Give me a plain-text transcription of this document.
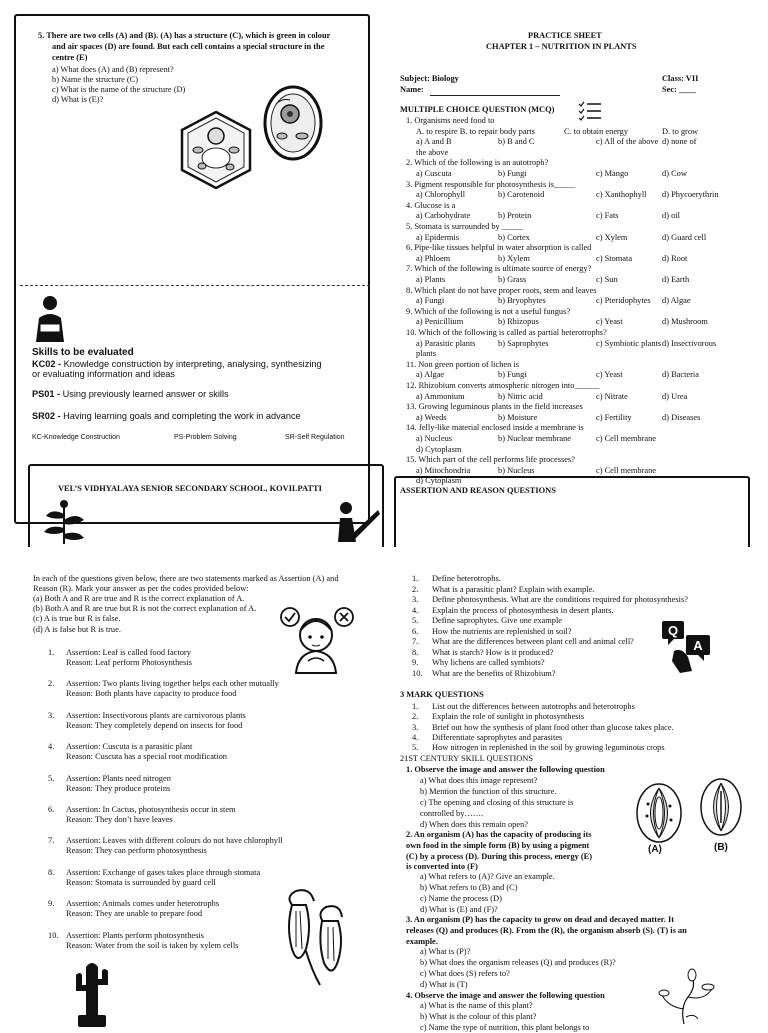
5. There are two cells (A) and (B). (A) has a structure (C), which is green in colour
and air spaces (D) are found. But each cell contains a special structure in the
centre (E)
a) What does (A) and (B) represent?
b) Name the structure (C)
c) What is the name of the structure (D)
d) What is (E)?
Skills to be evaluated
KC02 - Knowledge construction by interpreting, analysing, synthesizing
or evaluating information and ideas
PS01 - Using previously learned answer or skills
SR02 - Having learning goals and completing the work in advance
KC-Knowledge Construction	PS-Problem Solving	SR-Self Regulation
VEL’S VIDHYALAYA SENIOR SECONDARY SCHOOL, KOVILPATTI
PRACTICE SHEET
CHAPTER 1 – NUTRITION IN PLANTS
Subject: Biology	Class: VII
Name:	Sec: ____
MULTIPLE CHOICE QUESTION (MCQ)
1. Organisms need food to
A. to respire B. to repair body parts	C. to obtain energy	D. to grow
a) A and B	b) B and C	c) All of the above d) none of
the above
2. Which of the following is an autotroph?
a) Cuscuta	b) Fungi	c) Mango	d) Cow
3. Pigment responsible for photosynthesis is_____
a) Chlorophyll	b) Carotenoid	c) Xanthophyll d) Phycoerythrin
4. Glucose is a
a) Carbohydrate	b) Protein	c) Fats	d) oil
5. Stomata is surrounded by _____
a) Epidermis	b) Cortex	c) Xylem	d) Guard cell
6. Pipe-like tissues helpful in water absorption is called
a) Phloem	b) Xylem	c) Stomata	d) Root
7. Which of the following is ultimate source of energy?
a) Plants	b) Grass	c) Sun	d) Earth
8. Which plant do not have proper roots, stem and leaves
a) Fungi	b) Bryophytes	c) Pteridophytes d) Algae
9. Which of the following is not a useful fungus?
a) Penicillium	b) Rhizopus	c) Yeast	d) Mushroom
10. Which of the following is called as partial heterotrophs?
a) Parasitic plants	b) Saprophytes	c) Symbiotic plants d) Insectivorous
plants
11. Non green portion of lichen is
a) Algae	b) Fungi	c) Yeast	d) Bacteria
12. Rhizobium converts atmospheric nitrogen into______
a) Ammonium	b) Nitric acid	c) Nitrate	d) Urea
13. Growing leguminous plants in the field increases
a) Weeds	b) Moisture	c) Fertility	d) Diseases
14. Jelly-like material enclosed inside a membrane is
a) Nucleus	b) Nuclear membrane	c) Cell membrane
d) Cytoplasm
15. Which part of the cell performs life processes?
a) Mitochondria	b) Nucleus	c) Cell membrane
d) Cytoplasm
ASSERTION AND REASON QUESTIONS
In each of the questions given below, there are two statements marked as Assertion (A) and
Reason (R). Mark your answer as per the codes provided below:
(a) Both A and R are true and R is the correct explanation of A.
(b) Both A and R are true but R is not the correct explanation of A.
(c) A is true but R is false.
(d) A is false but R is true.
1. Assertion: Leaf is called food factory
Reason: Leaf perform Photosynthesis
2. Assertion: Two plants living together helps each other mutually
Reason: Both plants have capacity to produce food
3. Assertion: Insectivorous plants are carnivorous plants
Reason: They completely depend on insects for food
4. Assertion: Cuscuta is a parasitic plant
Reason: Cuscuta has a special root modification
5. Assertion: Plants need nitrogen
Reason: They produce proteins
6. Assertion: In Cactus, photosynthesis occur in stem
Reason: They don’t have leaves
7. Assertion: Leaves with different colours do not have chlorophyll
Reason: They can perform photosynthesis
8. Assertion: Exchange of gases takes place through stomata
Reason: Stomata is surrounded by guard cell
9. Assertion: Animals comes under heterotrophs
Reason: They are unable to prepare food
10. Assertion: Plants perform photosynthesis
Reason: Water from the soil is taken by xylem cells
1. Define heterotrophs.
2. What is a parasitic plant? Explain with example.
3. Define photosynthesis. What are the conditions required for photosynthesis?
4. Explain the process of photosynthesis in desert plants.
5. Define saprophytes. Give one example
6. How the nutrients are replenished in soil?
7. What are the differences between plant cell and animal cell?
8. What is starch? How is it produced?
9. Why lichens are called symbiots?
10. What are the benefits of Rhizobium?
Q
A
3 MARK QUESTIONS
1. List out the differences between autotrophs and heterotrophs
2. Explain the role of sunlight in photosynthesis
3. Brief out how the synthesis of plant food other than glucose takes place.
4. Differentiate saprophytes and parasites
5. How nitrogen in replenished in the soil by growing leguminous crops
21ST CENTURY SKILL QUESTIONS
1. Observe the image and answer the following question
a) What does this image represent?
b) Mention the function of this structure.
c) The opening and closing of this structure is
controlled by…….
d) When does this remain open?
(A)	(B)
2. An organism (A) has the capacity of producing its
own food in the simple form (B) by using a pigment
(C) by a process (D). During this process, energy (E)
is converted into (F)
a) What refers to (A)? Give an example.
b) What refers to (B) and (C)
c) Name the process (D)
d) What is (E) and (F)?
3. An organism (P) has the capacity to grow on dead and decayed matter. It
releases (Q) and produces (R). From the (R), the organism absorb (S). (T) is an
example.
a) What is (P)?
b) What does the organism releases (Q) and produces (R)?
c) What does (S) refers to?
d) What is (T)
4. Observe the image and answer the following question
a) What is the name of this plant?
b) What is the colour of this plant?
c) Name the type of nutrition, this plant belongs to
